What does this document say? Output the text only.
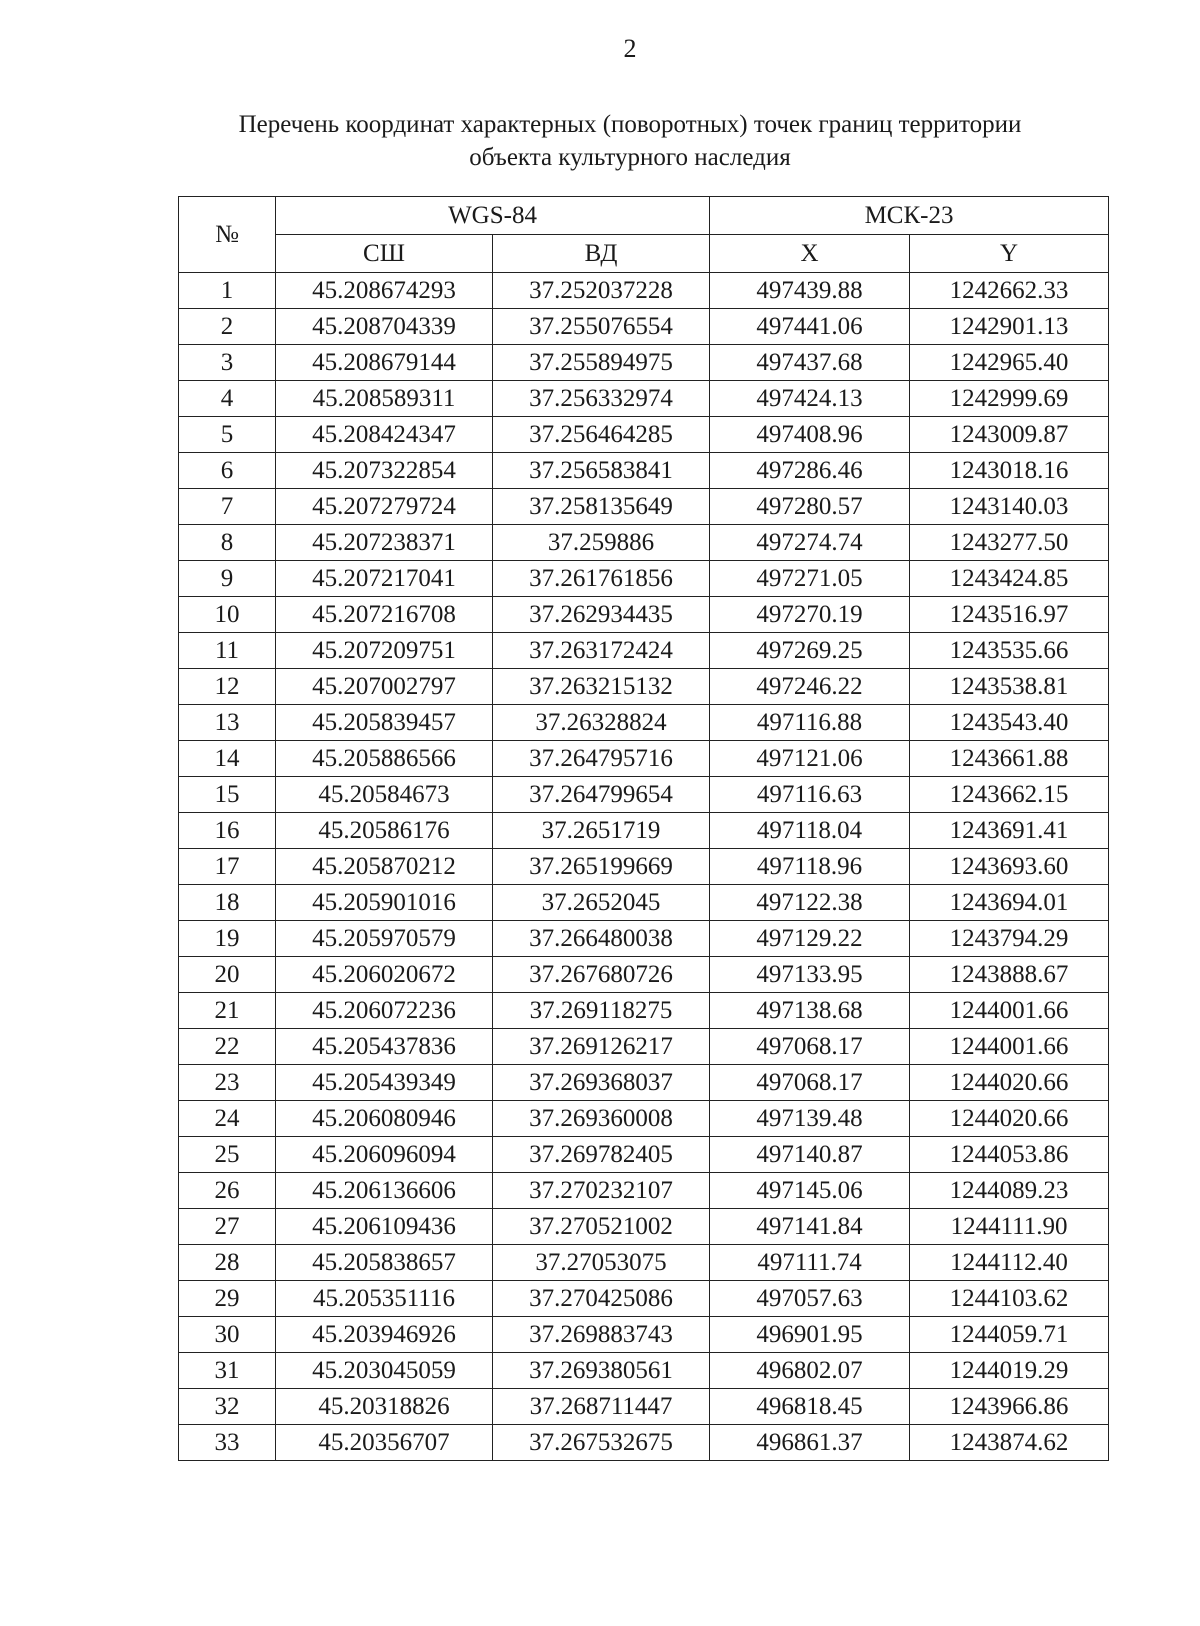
2
Перечень координат характерных (поворотных) точек границ территории
объекта культурного наследия
№	WGS-84		МСК-23	
	СШ	ВД	X	Y
1	45.208674293	37.252037228	497439.88	1242662.33
2	45.208704339	37.255076554	497441.06	1242901.13
3	45.208679144	37.255894975	497437.68	1242965.40
4	45.208589311	37.256332974	497424.13	1242999.69
5	45.208424347	37.256464285	497408.96	1243009.87
6	45.207322854	37.256583841	497286.46	1243018.16
7	45.207279724	37.258135649	497280.57	1243140.03
8	45.207238371	37.259886	497274.74	1243277.50
9	45.207217041	37.261761856	497271.05	1243424.85
10	45.207216708	37.262934435	497270.19	1243516.97
11	45.207209751	37.263172424	497269.25	1243535.66
12	45.207002797	37.263215132	497246.22	1243538.81
13	45.205839457	37.26328824	497116.88	1243543.40
14	45.205886566	37.264795716	497121.06	1243661.88
15	45.20584673	37.264799654	497116.63	1243662.15
16	45.20586176	37.2651719	497118.04	1243691.41
17	45.205870212	37.265199669	497118.96	1243693.60
18	45.205901016	37.2652045	497122.38	1243694.01
19	45.205970579	37.266480038	497129.22	1243794.29
20	45.206020672	37.267680726	497133.95	1243888.67
21	45.206072236	37.269118275	497138.68	1244001.66
22	45.205437836	37.269126217	497068.17	1244001.66
23	45.205439349	37.269368037	497068.17	1244020.66
24	45.206080946	37.269360008	497139.48	1244020.66
25	45.206096094	37.269782405	497140.87	1244053.86
26	45.206136606	37.270232107	497145.06	1244089.23
27	45.206109436	37.270521002	497141.84	1244111.90
28	45.205838657	37.27053075	497111.74	1244112.40
29	45.205351116	37.270425086	497057.63	1244103.62
30	45.203946926	37.269883743	496901.95	1244059.71
31	45.203045059	37.269380561	496802.07	1244019.29
32	45.20318826	37.268711447	496818.45	1243966.86
33	45.20356707	37.267532675	496861.37	1243874.62
